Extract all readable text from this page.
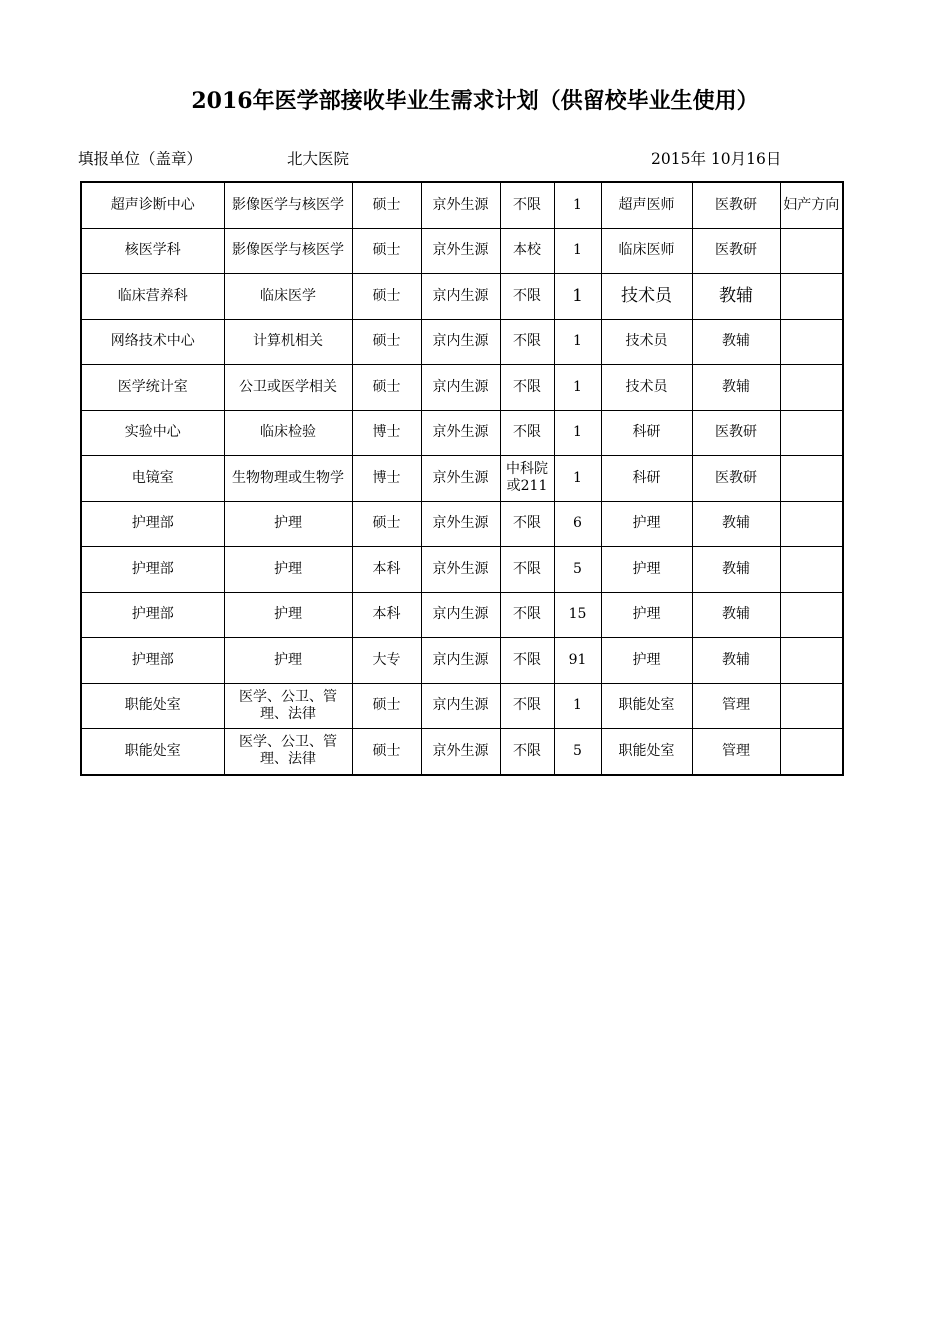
2016年医学部接收毕业生需求计划（供留校毕业生使用）
填报单位（盖章）	北大医院	2015年 10月16日
超声诊断中心	影像医学与核医学	硕士	京外生源	不限	1	超声医师	医教研	妇产方向
核医学科	影像医学与核医学	硕士	京外生源	本校	1	临床医师	医教研	
临床营养科	临床医学	硕士	京内生源	不限	1	技术员	教辅	
网络技术中心	计算机相关	硕士	京内生源	不限	1	技术员	教辅	
医学统计室	公卫或医学相关	硕士	京内生源	不限	1	技术员	教辅	
实验中心	临床检验	博士	京外生源	不限	1	科研	医教研	
电镜室	生物物理或生物学	博士	京外生源	中科院或211	1	科研	医教研	
护理部	护理	硕士	京外生源	不限	6	护理	教辅	
护理部	护理	本科	京外生源	不限	5	护理	教辅	
护理部	护理	本科	京内生源	不限	15	护理	教辅	
护理部	护理	大专	京内生源	不限	91	护理	教辅	
职能处室	医学、公卫、管理、法律	硕士	京内生源	不限	1	职能处室	管理	
职能处室	医学、公卫、管理、法律	硕士	京外生源	不限	5	职能处室	管理	
